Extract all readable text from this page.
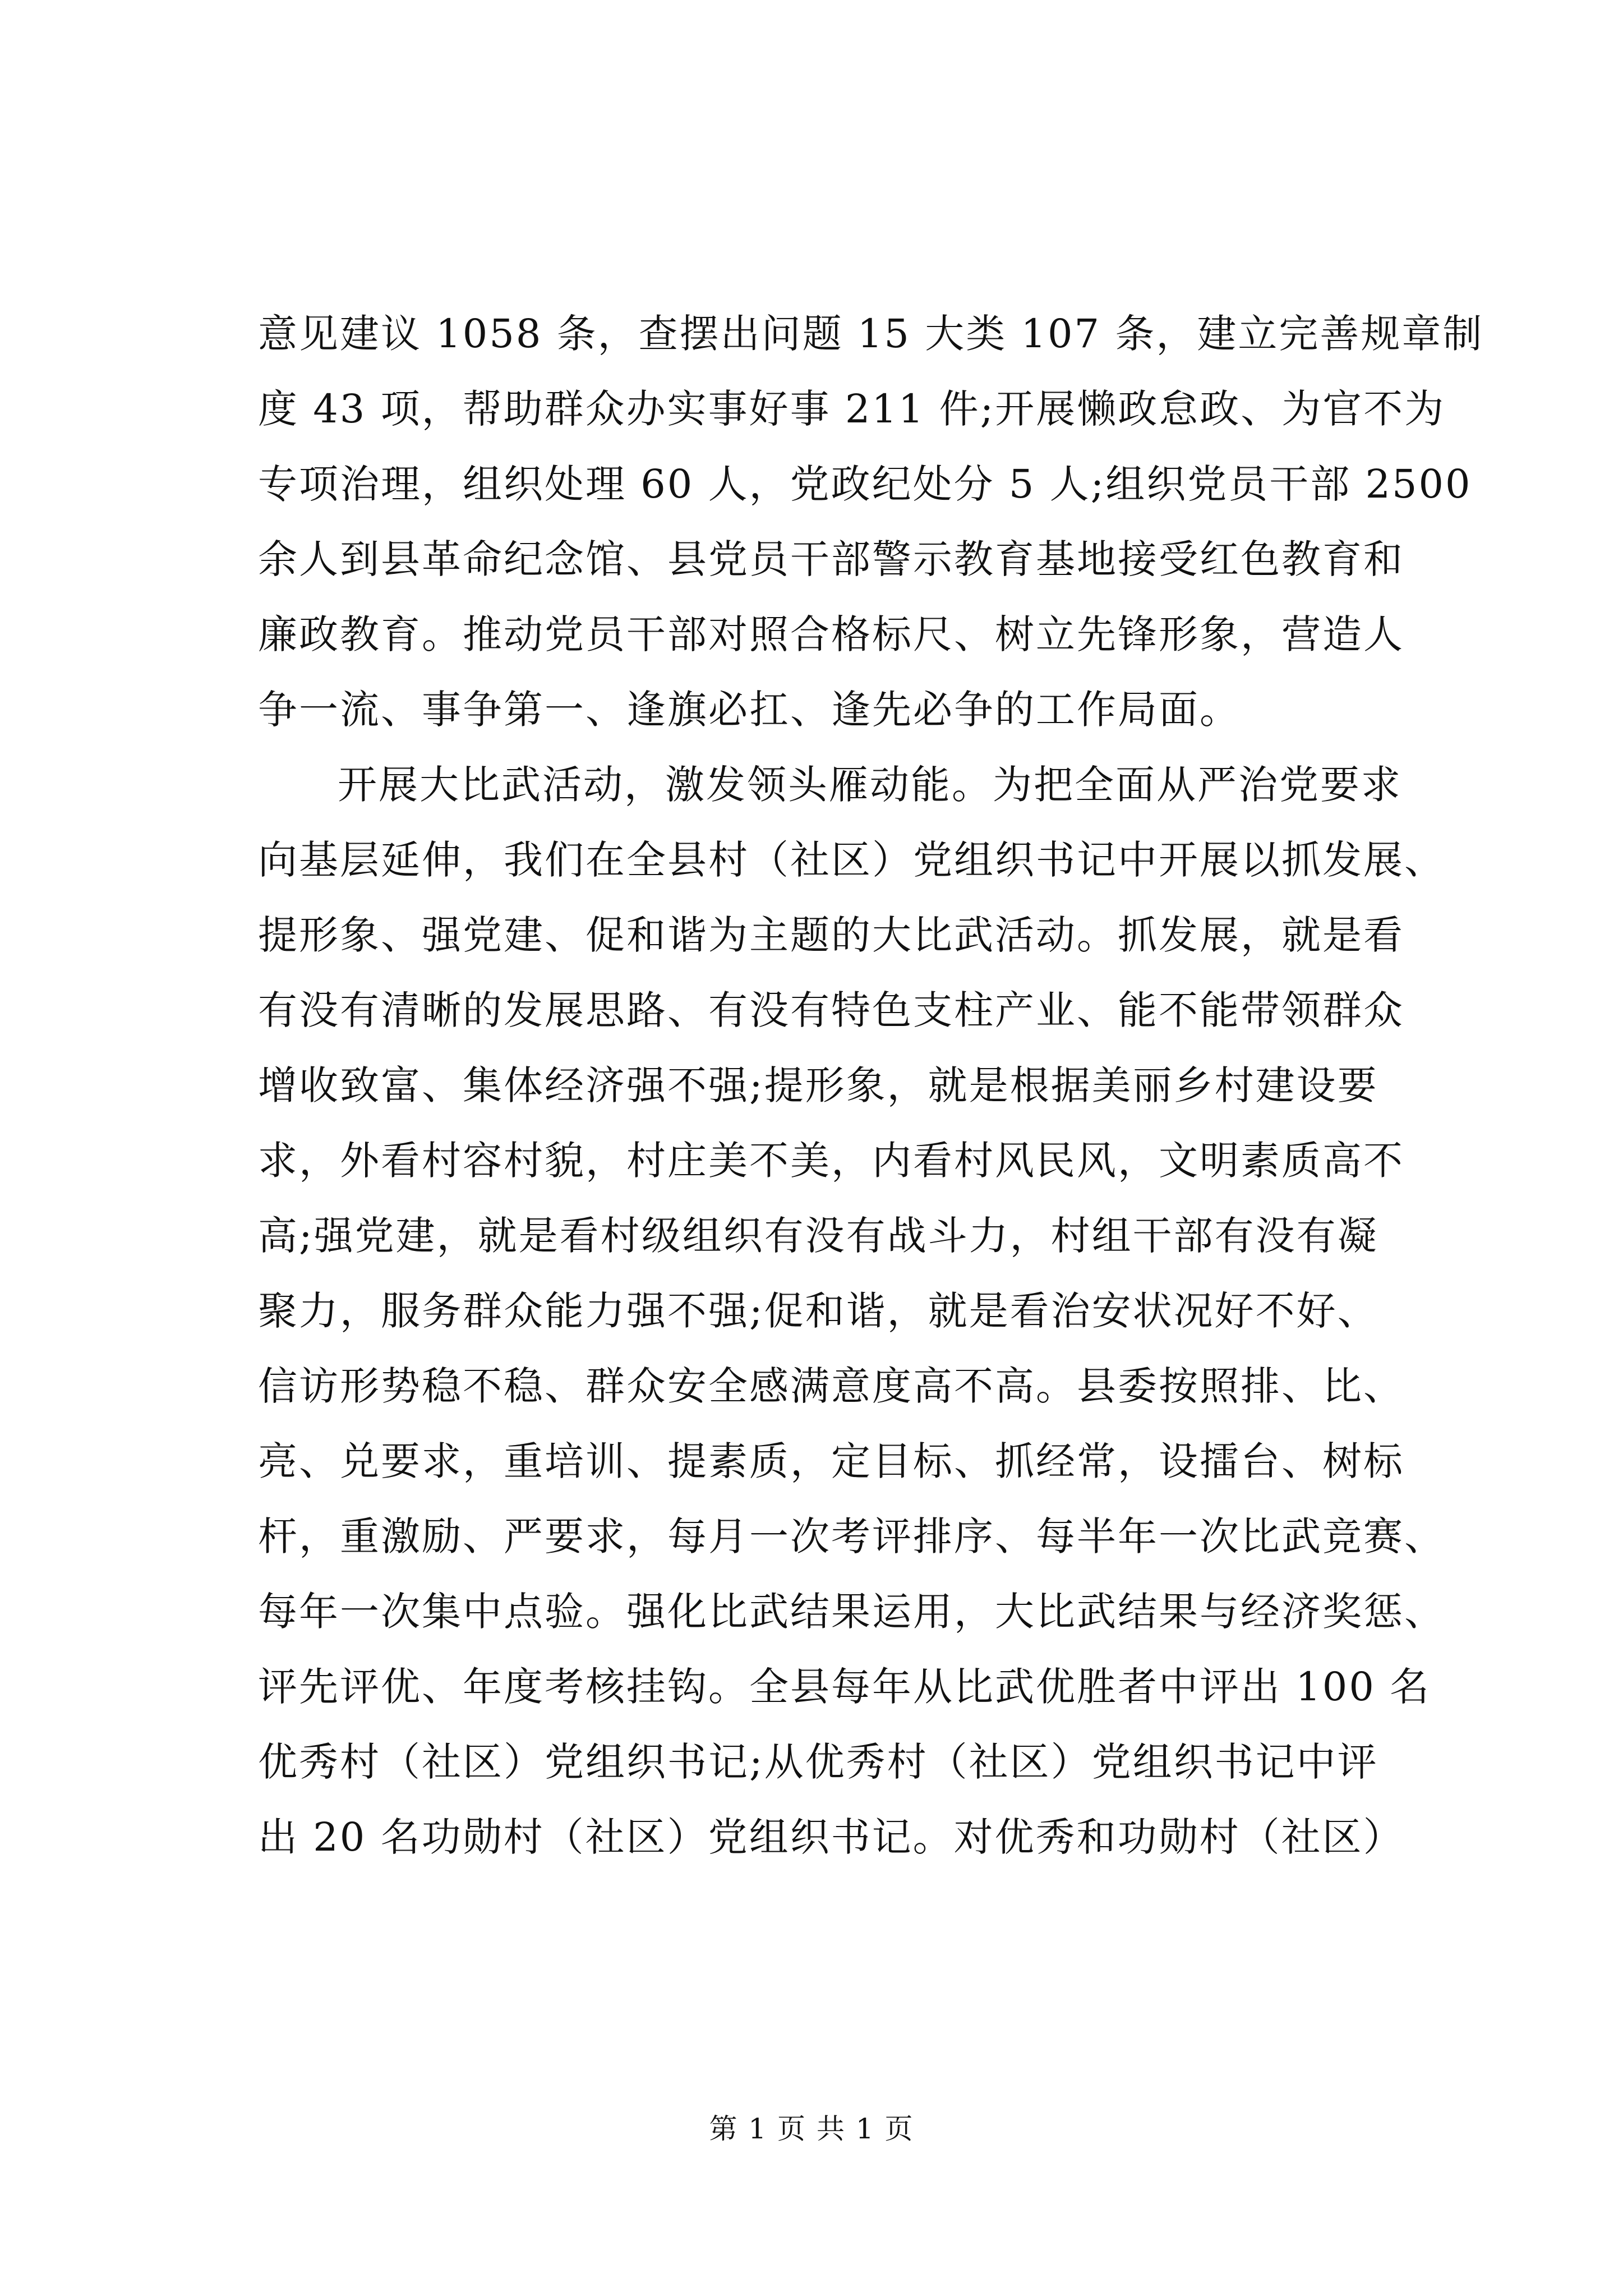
意见建议 1058 条，查摆出问题 15 大类 107 条，建立完善规章制
度 43 项，帮助群众办实事好事 211 件;开展懒政怠政、为官不为
专项治理，组织处理 60 人，党政纪处分 5 人;组织党员干部 2500
余人到县革命纪念馆、县党员干部警示教育基地接受红色教育和
廉政教育。推动党员干部对照合格标尺、树立先锋形象，营造人
争一流、事争第一、逢旗必扛、逢先必争的工作局面。
开展大比武活动，激发领头雁动能。为把全面从严治党要求
向基层延伸，我们在全县村（社区）党组织书记中开展以抓发展、
提形象、强党建、促和谐为主题的大比武活动。抓发展，就是看
有没有清晰的发展思路、有没有特色支柱产业、能不能带领群众
增收致富、集体经济强不强;提形象，就是根据美丽乡村建设要
求，外看村容村貌，村庄美不美，内看村风民风，文明素质高不
高;强党建，就是看村级组织有没有战斗力，村组干部有没有凝
聚力，服务群众能力强不强;促和谐，就是看治安状况好不好、
信访形势稳不稳、群众安全感满意度高不高。县委按照排、比、
亮、兑要求，重培训、提素质，定目标、抓经常，设擂台、树标
杆，重激励、严要求，每月一次考评排序、每半年一次比武竞赛、
每年一次集中点验。强化比武结果运用，大比武结果与经济奖惩、
评先评优、年度考核挂钩。全县每年从比武优胜者中评出 100 名
优秀村（社区）党组织书记;从优秀村（社区）党组织书记中评
出 20 名功勋村（社区）党组织书记。对优秀和功勋村（社区）
第 1 页 共 1 页
